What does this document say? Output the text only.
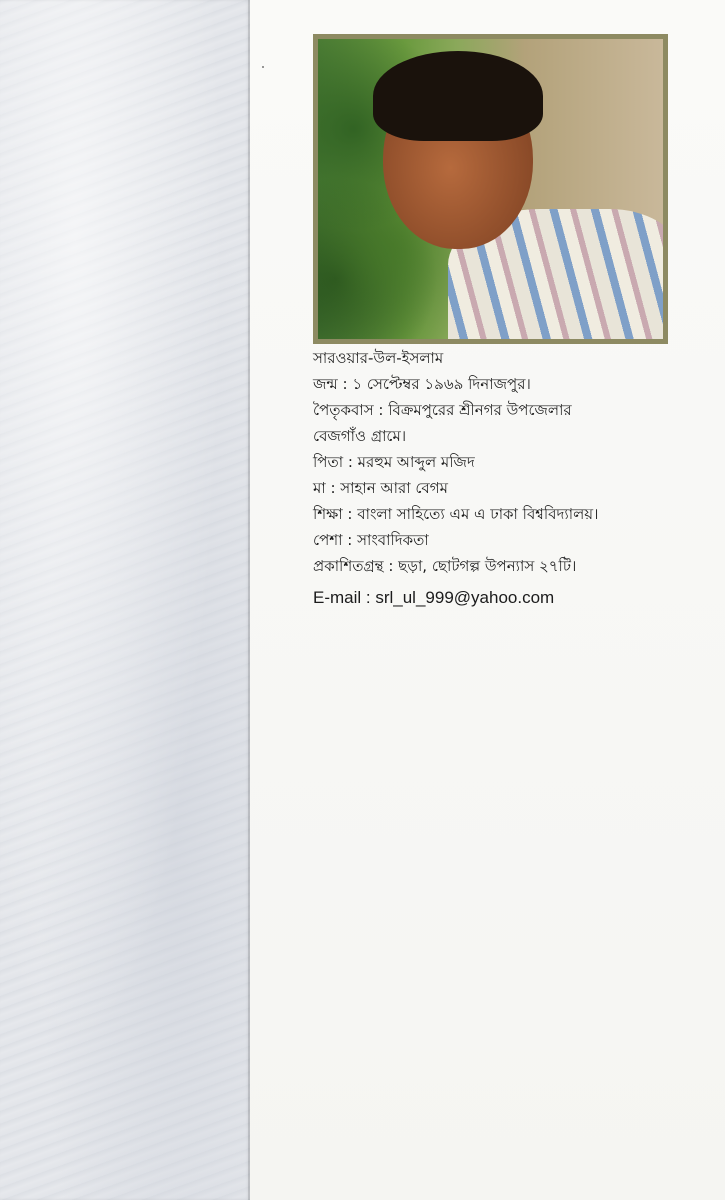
সারওয়ার-উল-ইসলাম
জন্ম : ১ সেপ্টেম্বর ১৯৬৯ দিনাজপুর।
পৈতৃকবাস : বিক্রমপুরের শ্রীনগর উপজেলার
বেজগাঁও গ্রামে।
পিতা : মরহুম আব্দুল মজিদ
মা : সাহান আরা বেগম
শিক্ষা : বাংলা সাহিত্যে এম এ ঢাকা বিশ্ববিদ্যালয়।
পেশা : সাংবাদিকতা
প্রকাশিতগ্রন্থ : ছড়া, ছোটগল্প উপন্যাস ২৭টি।
E-mail : srl_ul_999@yahoo.com
